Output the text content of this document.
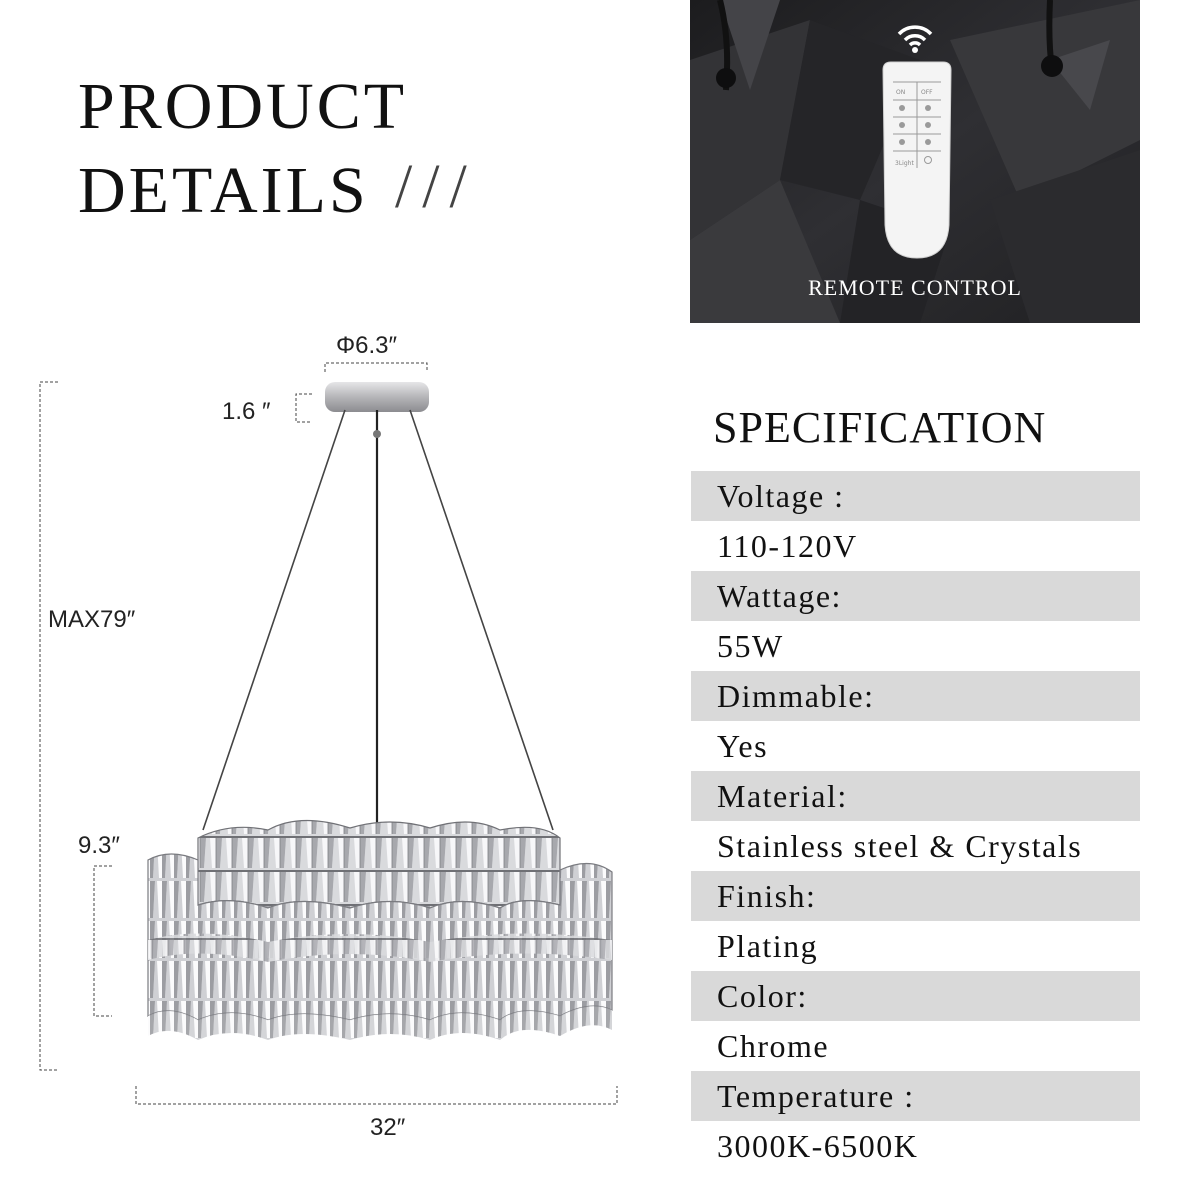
PRODUCT
DETAILS ///
ON	OFF
3Light
REMOTE CONTROL
Φ6.3″
1.6 ″
MAX79″
9.3″
32″
SPECIFICATION
Voltage :
110-120V
Wattage:
55W
Dimmable:
Yes
Material:
Stainless steel & Crystals
Finish:
Plating
Color:
Chrome
Temperature :
3000K-6500K
